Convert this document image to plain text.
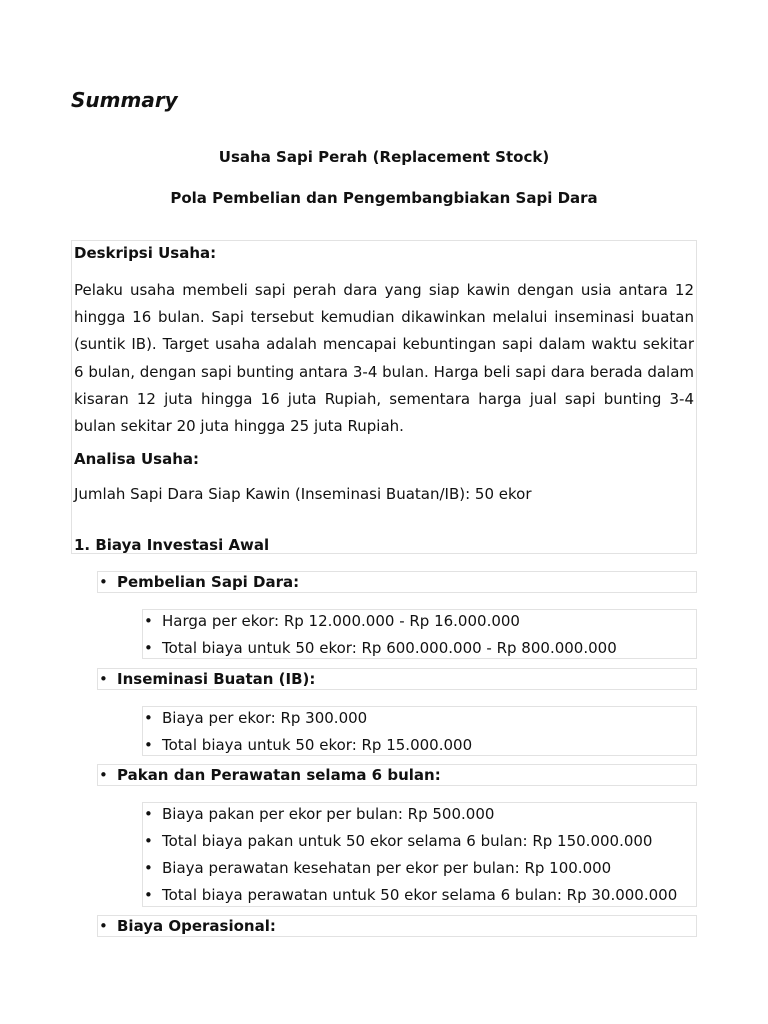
Summary

Usaha Sapi Perah (Replacement Stock)

Pola Pembelian dan Pengembangbiakan Sapi Dara

Deskripsi Usaha:

Pelaku usaha membeli sapi perah dara yang siap kawin dengan usia antara 12 hingga 16 bulan. Sapi tersebut kemudian dikawinkan melalui inseminasi buatan (suntik IB). Target usaha adalah mencapai kebuntingan sapi dalam waktu sekitar 6 bulan, dengan sapi bunting antara 3-4 bulan. Harga beli sapi dara berada dalam kisaran 12 juta hingga 16 juta Rupiah, sementara harga jual sapi bunting 3-4 bulan sekitar 20 juta hingga 25 juta Rupiah.

Analisa Usaha:
Jumlah Sapi Dara Siap Kawin (Inseminasi Buatan/IB): 50 ekor
1. Biaya Investasi Awal
• Pembelian Sapi Dara:
• Harga per ekor: Rp 12.000.000 - Rp 16.000.000
• Total biaya untuk 50 ekor: Rp 600.000.000 - Rp 800.000.000
• Inseminasi Buatan (IB):
• Biaya per ekor: Rp 300.000
• Total biaya untuk 50 ekor: Rp 15.000.000
• Pakan dan Perawatan selama 6 bulan:
• Biaya pakan per ekor per bulan: Rp 500.000
• Total biaya pakan untuk 50 ekor selama 6 bulan: Rp 150.000.000
• Biaya perawatan kesehatan per ekor per bulan: Rp 100.000
• Total biaya perawatan untuk 50 ekor selama 6 bulan: Rp 30.000.000
• Biaya Operasional:
